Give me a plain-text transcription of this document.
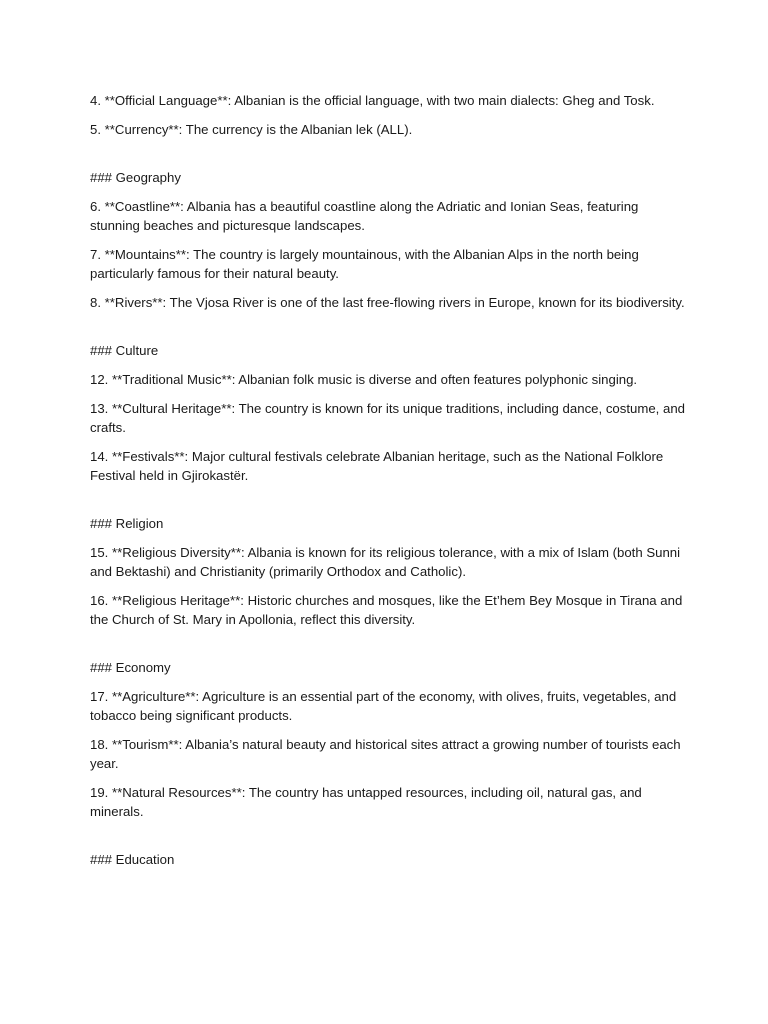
4. **Official Language**: Albanian is the official language, with two main dialects: Gheg and Tosk.

5. **Currency**: The currency is the Albanian lek (ALL).

### Geography

6. **Coastline**: Albania has a beautiful coastline along the Adriatic and Ionian Seas, featuring stunning beaches and picturesque landscapes.

7. **Mountains**: The country is largely mountainous, with the Albanian Alps in the north being particularly famous for their natural beauty.

8. **Rivers**: The Vjosa River is one of the last free-flowing rivers in Europe, known for its biodiversity.

### Culture

12. **Traditional Music**: Albanian folk music is diverse and often features polyphonic singing.

13. **Cultural Heritage**: The country is known for its unique traditions, including dance, costume, and crafts.

14. **Festivals**: Major cultural festivals celebrate Albanian heritage, such as the National Folklore Festival held in Gjirokastër.

### Religion

15. **Religious Diversity**: Albania is known for its religious tolerance, with a mix of Islam (both Sunni and Bektashi) and Christianity (primarily Orthodox and Catholic).

16. **Religious Heritage**: Historic churches and mosques, like the Et’hem Bey Mosque in Tirana and the Church of St. Mary in Apollonia, reflect this diversity.

### Economy

17. **Agriculture**: Agriculture is an essential part of the economy, with olives, fruits, vegetables, and tobacco being significant products.

18. **Tourism**: Albania’s natural beauty and historical sites attract a growing number of tourists each year.

19. **Natural Resources**: The country has untapped resources, including oil, natural gas, and minerals.

### Education
